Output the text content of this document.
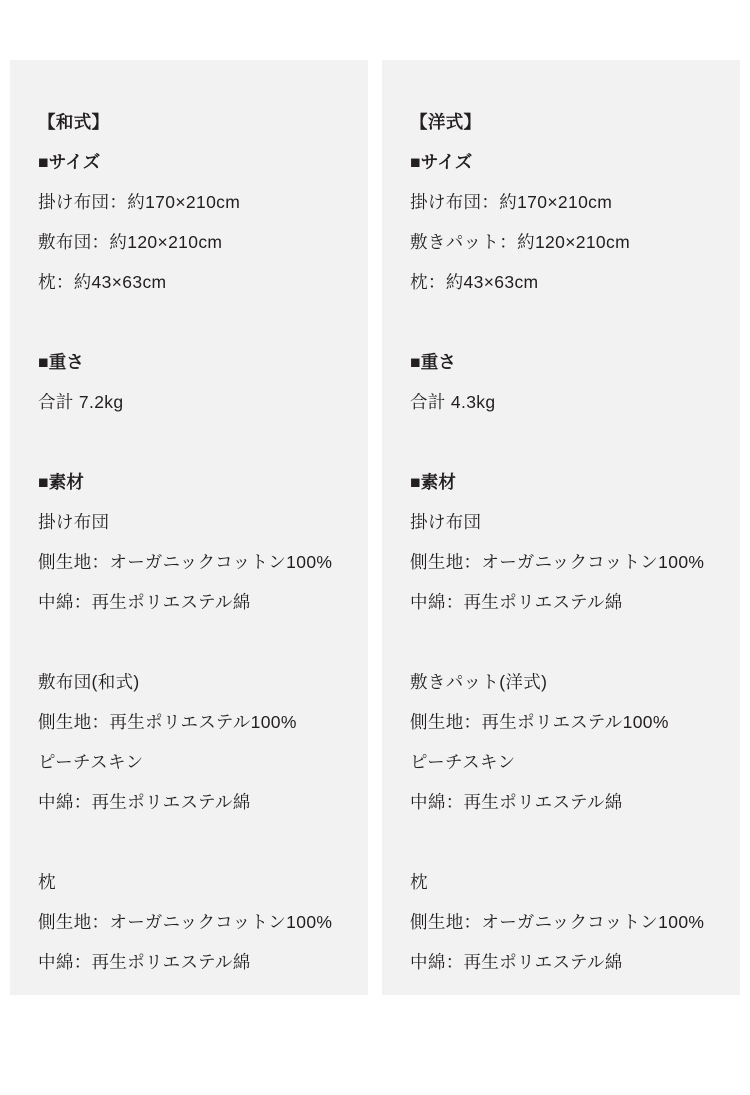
【和式】
■サイズ
掛け布団：約170×210cm
敷布団：約120×210cm
枕：約43×63cm
■重さ
合計 7.2kg
■素材
掛け布団
側生地：オーガニックコットン100%
中綿：再生ポリエステル綿
敷布団(和式)
側生地：再生ポリエステル100%
ピーチスキン
中綿：再生ポリエステル綿
枕
側生地：オーガニックコットン100%
中綿：再生ポリエステル綿
【洋式】
■サイズ
掛け布団：約170×210cm
敷きパット：約120×210cm
枕：約43×63cm
■重さ
合計 4.3kg
■素材
掛け布団
側生地：オーガニックコットン100%
中綿：再生ポリエステル綿
敷きパット(洋式)
側生地：再生ポリエステル100%
ピーチスキン
中綿：再生ポリエステル綿
枕
側生地：オーガニックコットン100%
中綿：再生ポリエステル綿
